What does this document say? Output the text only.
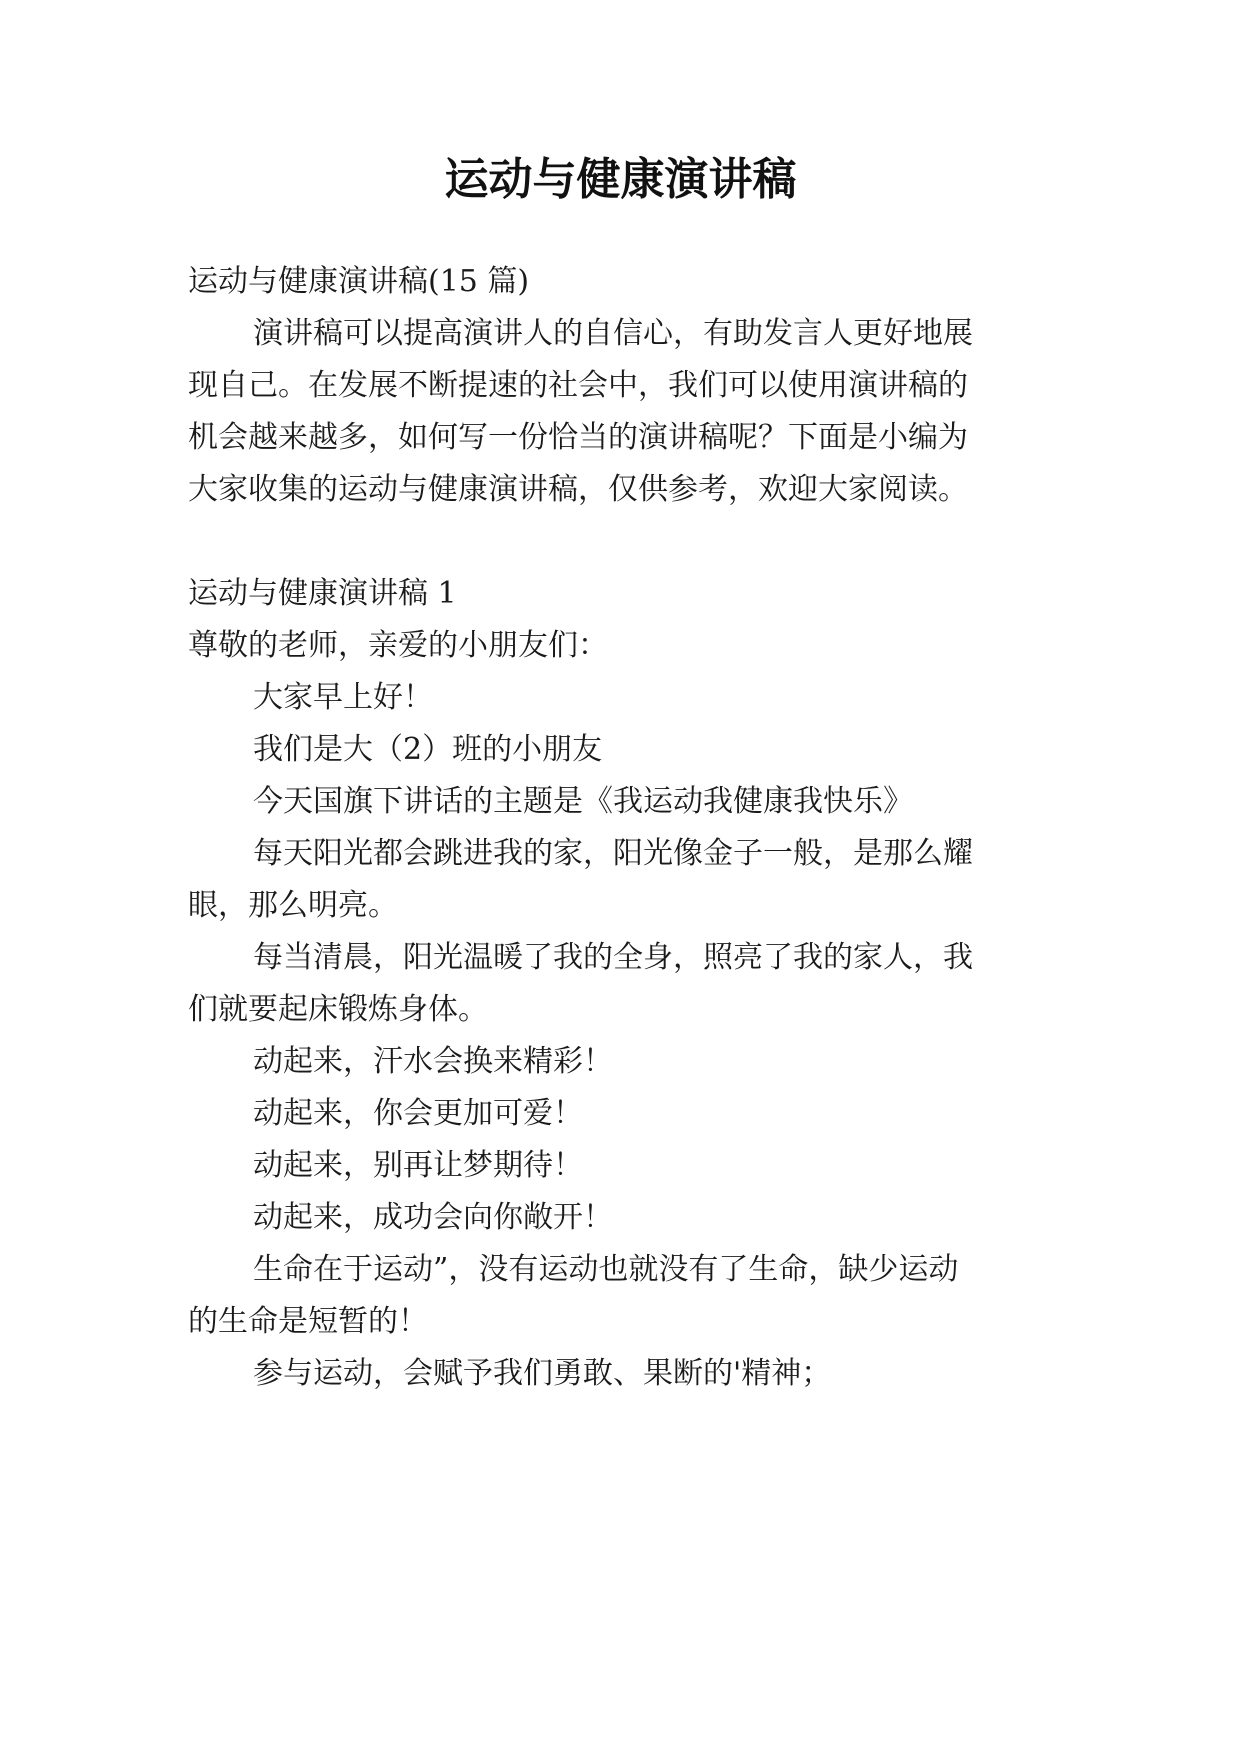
运动与健康演讲稿

运动与健康演讲稿(15 篇)

演讲稿可以提高演讲人的自信心，有助发言人更好地展

现自己。在发展不断提速的社会中，我们可以使用演讲稿的

机会越来越多，如何写一份恰当的演讲稿呢？下面是小编为

大家收集的运动与健康演讲稿，仅供参考，欢迎大家阅读。

运动与健康演讲稿 1

尊敬的老师，亲爱的小朋友们：

大家早上好！

我们是大（2）班的小朋友

今天国旗下讲话的主题是《我运动我健康我快乐》

每天阳光都会跳进我的家，阳光像金子一般，是那么耀

眼，那么明亮。

每当清晨，阳光温暖了我的全身，照亮了我的家人，我

们就要起床锻炼身体。

动起来，汗水会换来精彩！

动起来，你会更加可爱！

动起来，别再让梦期待！

动起来，成功会向你敞开！

生命在于运动”，没有运动也就没有了生命，缺少运动

的生命是短暂的！

参与运动，会赋予我们勇敢、果断的'精神；
